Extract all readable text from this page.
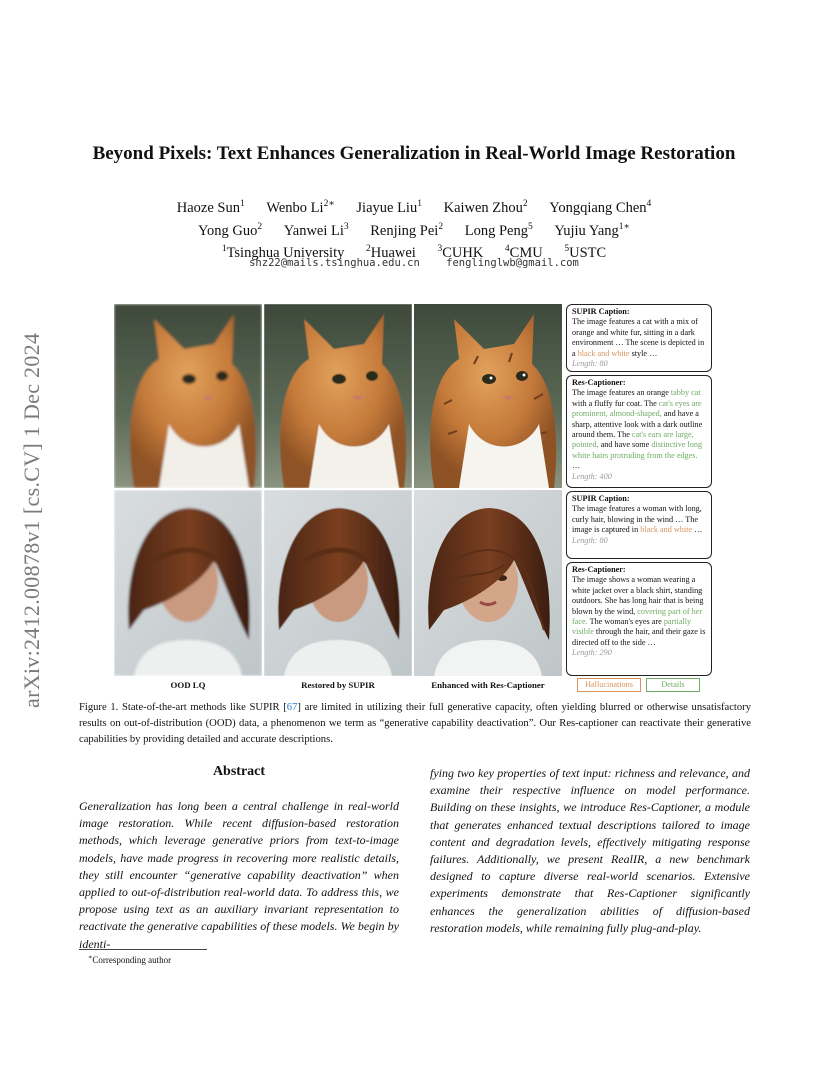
arXiv:2412.00878v1 [cs.CV] 1 Dec 2024
Beyond Pixels: Text Enhances Generalization in Real-World Image Restoration
Haoze Sun$^1$ Wenbo $Li^{2∗}$ Jiayue Liu$^1$ Kaiwen Zhou$^2$ Yongqiang Chen$^4$
Yong Guo$^2$ Yanwei Li$^3$ Renjing Pei$^2$ Long Peng$^5$ Yujiu Yang$^{1∗}$
$^1$Tsinghua University $^2$Huawei $^3$CUHK $^4$CMU $^5$USTC
shz22@mails.tsinghua.edu.cn	fenglinglwb@gmail.com
SUPIR Caption:
The image features a cat with a mix of orange and white fur, sitting in a dark environment … The scene is depicted in a black and white style …
Length: 80
Res-Captioner:
The image features an orange tabby cat with a fluffy fur coat. The cat's eyes are prominent, almond-shaped, and have a sharp, attentive look with a dark outline around them. The cat's ears are large, pointed, and have some distinctive long white hairs protruding from the edges. …
Length: 400
SUPIR Caption:
The image features a woman with long, curly hair, blowing in the wind … The image is captured in black and white …
Length: 80
Res-Captioner:
The image shows a woman wearing a white jacket over a black shirt, standing outdoors. She has long hair that is being blown by the wind, covering part of her face. The woman's eyes are partially visible through the hair, and their gaze is directed off to the side …
Length: 290
OOD LQ	Restored by SUPIR	Enhanced with Res-Captioner	Hallucinations	Details

Figure 1. State-of-the-art methods like SUPIR [67] are limited in utilizing their full generative capacity, often yielding blurred or otherwise unsatisfactory results on out-of-distribution (OOD) data, a phenomenon we term as “generative capability deactivation”. Our Res-captioner can reactivate their generative capabilities by providing detailed and accurate descriptions.

Abstract

Generalization has long been a central challenge in real-world image restoration. While recent diffusion-based restoration methods, which leverage generative priors from text-to-image models, have made progress in recovering more realistic details, they still encounter “generative capability deactivation” when applied to out-of-distribution real-world data. To address this, we propose using text as an auxiliary invariant representation to reactivate the generative capabilities of these models. We begin by identi-

fying two key properties of text input: richness and relevance, and examine their respective influence on model performance. Building on these insights, we introduce Res-Captioner, a module that generates enhanced textual descriptions tailored to image content and degradation levels, effectively mitigating response failures. Additionally, we present RealIR, a new benchmark designed to capture diverse real-world scenarios. Extensive experiments demonstrate that Res-Captioner significantly enhances the generalization abilities of diffusion-based restoration models, while remaining fully plug-and-play.

∗Corresponding author
